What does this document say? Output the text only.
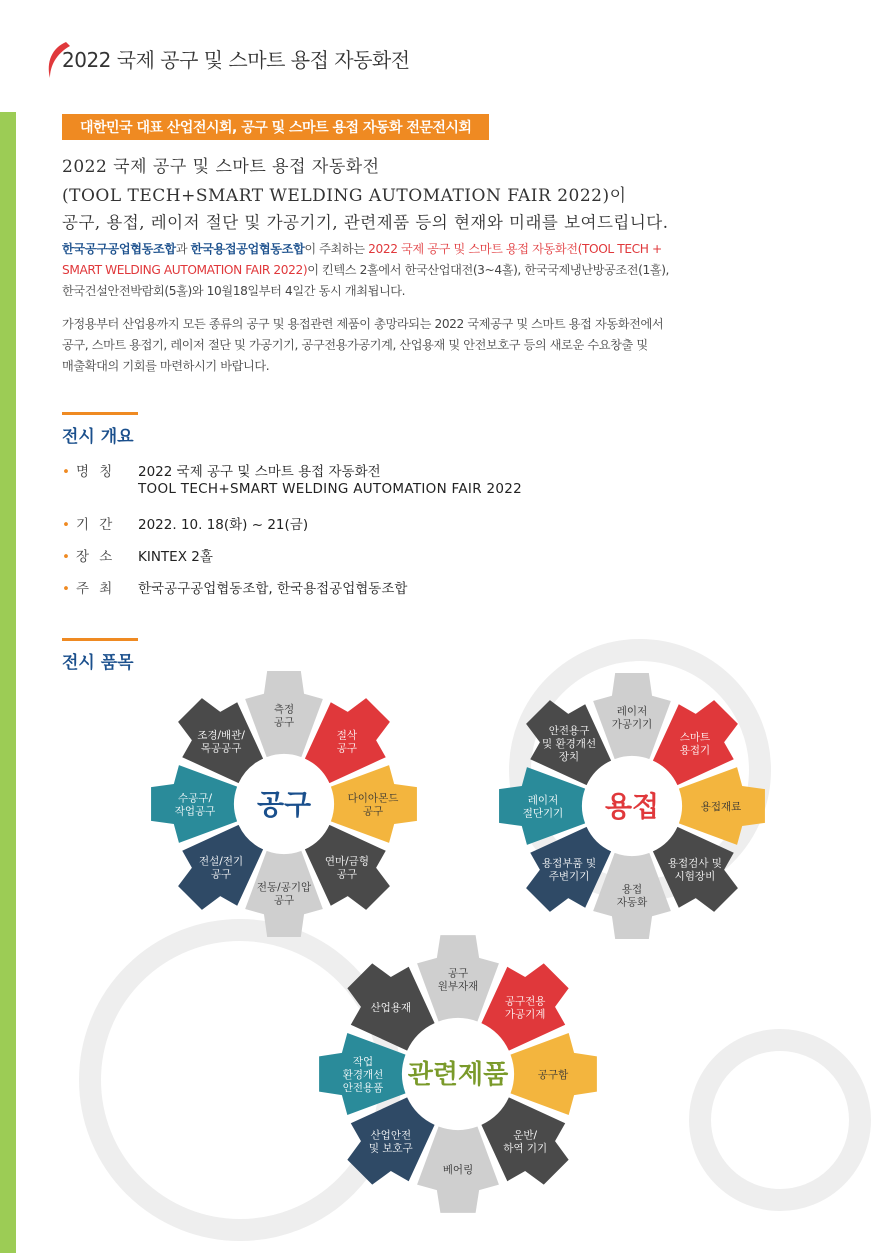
2022 국제 공구 및 스마트 용접 자동화전
대한민국 대표 산업전시회, 공구 및 스마트 용접 자동화 전문전시회
2022 국제 공구 및 스마트 용접 자동화전
(TOOL TECH+SMART WELDING AUTOMATION FAIR 2022)이
공구, 용접, 레이저 절단 및 가공기기, 관련제품 등의 현재와 미래를 보여드립니다.
한국공구공업협동조합과 한국용접공업협동조합이 주최하는 2022 국제 공구 및 스마트 용접 자동화전(TOOL TECH +
SMART WELDING AUTOMATION FAIR 2022)이 킨텍스 2홀에서 한국산업대전(3~4홀), 한국국제냉난방공조전(1홀),
한국건설안전박람회(5홀)와 10월18일부터 4일간 동시 개최됩니다.
가정용부터 산업용까지 모든 종류의 공구 및 용접관련 제품이 총망라되는 2022 국제공구 및 스마트 용접 자동화전에서
공구, 스마트 용접기, 레이저 절단 및 가공기기, 공구전용가공기계, 산업용재 및 안전보호구 등의 새로운 수요창출 및
매출확대의 기회를 마련하시기 바랍니다.
전시 개요
• 명 칭 2022 국제 공구 및 스마트 용접 자동화전
TOOL TECH+SMART WELDING AUTOMATION FAIR 2022
• 기 간 2022. 10. 18(화) ~ 21(금)
• 장 소 KINTEX 2홀
• 주 최 한국공구공업협동조합, 한국용접공업협동조합
전시 품목
측정
공구
절삭
공구
다이아몬드
공구
연마/금형
공구
전동/공기압
공구
전설/전기
공구
수공구/
작업공구
조경/배관/
목공공구
공구
레이저
가공기기
스마트
용접기
용접재료
용접검사 및
시험장비
용접
자동화
용접부품 및
주변기기
레이저
절단기기
안전용구
및 환경개선
장치
용접
공구
원부자재
공구전용
가공기계
공구함
운반/
하역 기기
베어링
산업안전
및 보호구
작업
환경개선
안전용품
산업용재
관련제품
